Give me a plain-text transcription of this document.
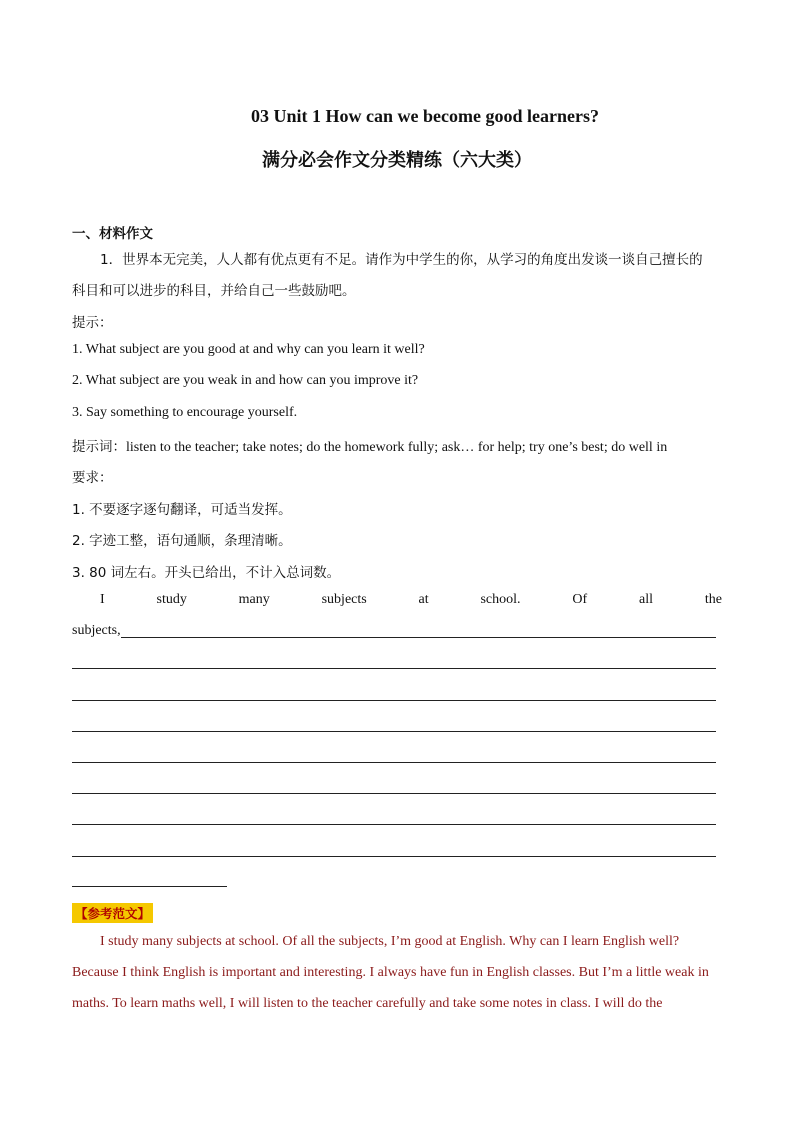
03 Unit 1 How can we become good learners?
满分必会作文分类精练（六大类）
一、材料作文
1．世界本无完美，人人都有优点更有不足。请作为中学生的你，从学习的角度出发谈一谈自己擅长的
科目和可以进步的科目，并给自己一些鼓励吧。
提示：
1. What subject are you good at and why can you learn it well?
2. What subject are you weak in and how can you improve it?
3. Say something to encourage yourself.
提示词：listen to the teacher; take notes; do the homework fully; ask… for help; try one’s best; do well in
要求：
1. 不要逐字逐句翻译，可适当发挥。
2. 字迹工整，语句通顺，条理清晰。
3. 80 词左右。开头已给出，不计入总词数。
I	study	many	subjects	at	school.	Of	all	the
subjects,
【参考范文】
I study many subjects at school. Of all the subjects, I’m good at English. Why can I learn English well?
Because I think English is important and interesting. I always have fun in English classes. But I’m a little weak in
maths. To learn maths well, I will listen to the teacher carefully and take some notes in class. I will do the
